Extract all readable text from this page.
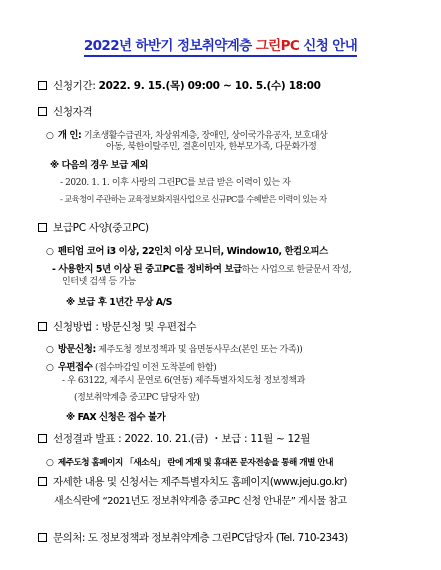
2022년 하반기 정보취약계층 그린PC 신청 안내
신청기간: 2022. 9. 15.(목) 09:00 ~ 10. 5.(수) 18:00
신청자격
○ 개 인: 기초생활수급권자, 차상위계층, 장애인, 상이국가유공자, 보호대상
아동, 북한이탈주민, 결혼이민자, 한부모가족, 다문화가정
※ 다음의 경우 보급 제외
- 2020. 1. 1. 이후 사랑의 그린PC를 보급 받은 이력이 있는 자
- 교육청이 주관하는 교육정보화지원사업으로 신규PC를 수혜받은 이력이 있는 자
보급PC 사양(중고PC)
○ 펜티엄 코어 i3 이상, 22인치 이상 모니터, Window10, 한컴오피스
- 사용한지 5년 이상 된 중고PC를 정비하여 보급하는 사업으로 한글문서 작성,
인터넷 검색 등 가능
※ 보급 후 1년간 무상 A/S
신청방법 : 방문신청 및 우편접수
○ 방문신청: 제주도청 정보정책과 및 읍면동사무소(본인 또는 가족))
○ 우편접수 (접수마감일 이전 도착분에 한함)
- 우 63122, 제주시 문연로 6(연동) 제주특별자치도청 정보정책과
(정보취약계층 중고PC 담당자 앞)
※ FAX 신청은 접수 불가
선정결과 발표 : 2022. 10. 21.(금) ・보급 : 11월 ~ 12월
○ 제주도청 홈페이지 「새소식」 란에 게재 및 휴대폰 문자전송을 통해 개별 안내
자세한 내용 및 신청서는 제주특별자치도 홈페이지(www.jeju.go.kr)
새소식란에 “2021년도 정보취약계층 중고PC 신청 안내문” 게시물 참고
문의처: 도 정보정책과 정보취약계층 그린PC담당자 (Tel. 710-2343)
